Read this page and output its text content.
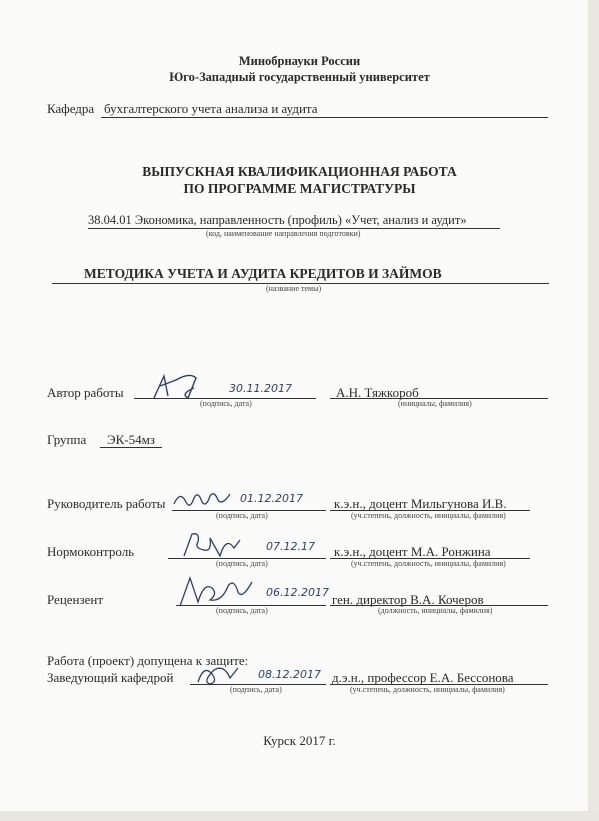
Минобрнауки России
Юго-Западный государственный университет
Кафедра бухгалтерского учета анализа и аудита
ВЫПУСКНАЯ КВАЛИФИКАЦИОННАЯ РАБОТА
ПО ПРОГРАММЕ МАГИСТРАТУРЫ
38.04.01 Экономика, направленность (профиль) «Учет, анализ и аудит»
(код, наименование направления подготовки)
МЕТОДИКА УЧЕТА И АУДИТА КРЕДИТОВ И ЗАЙМОВ
(название темы)
Автор работы	30.11.2017
(подпись, дата)
А.Н. Тяжкороб
(инициалы, фамилия)
Группа ЭК-54мз
Руководитель работы	01.12.2017
(подпись, дата)
к.э.н., доцент Мильгунова И.В.
(уч.степень, должность, инициалы, фамилия)
Нормоконтроль	07.12.17
(подпись, дата)
к.э.н., доцент М.А. Ронжина
(уч.степень, должность, инициалы, фамилия)
Рецензент	06.12.2017
(подпись, дата)
ген. директор В.А. Кочеров
(должность, инициалы, фамилия)
Работа (проект) допущена к защите:
Заведующий кафедрой	08.12.2017
(подпись, дата)
д.э.н., профессор Е.А. Бессонова
(уч.степень, должность, инициалы, фамилия)
Курск 2017 г.
